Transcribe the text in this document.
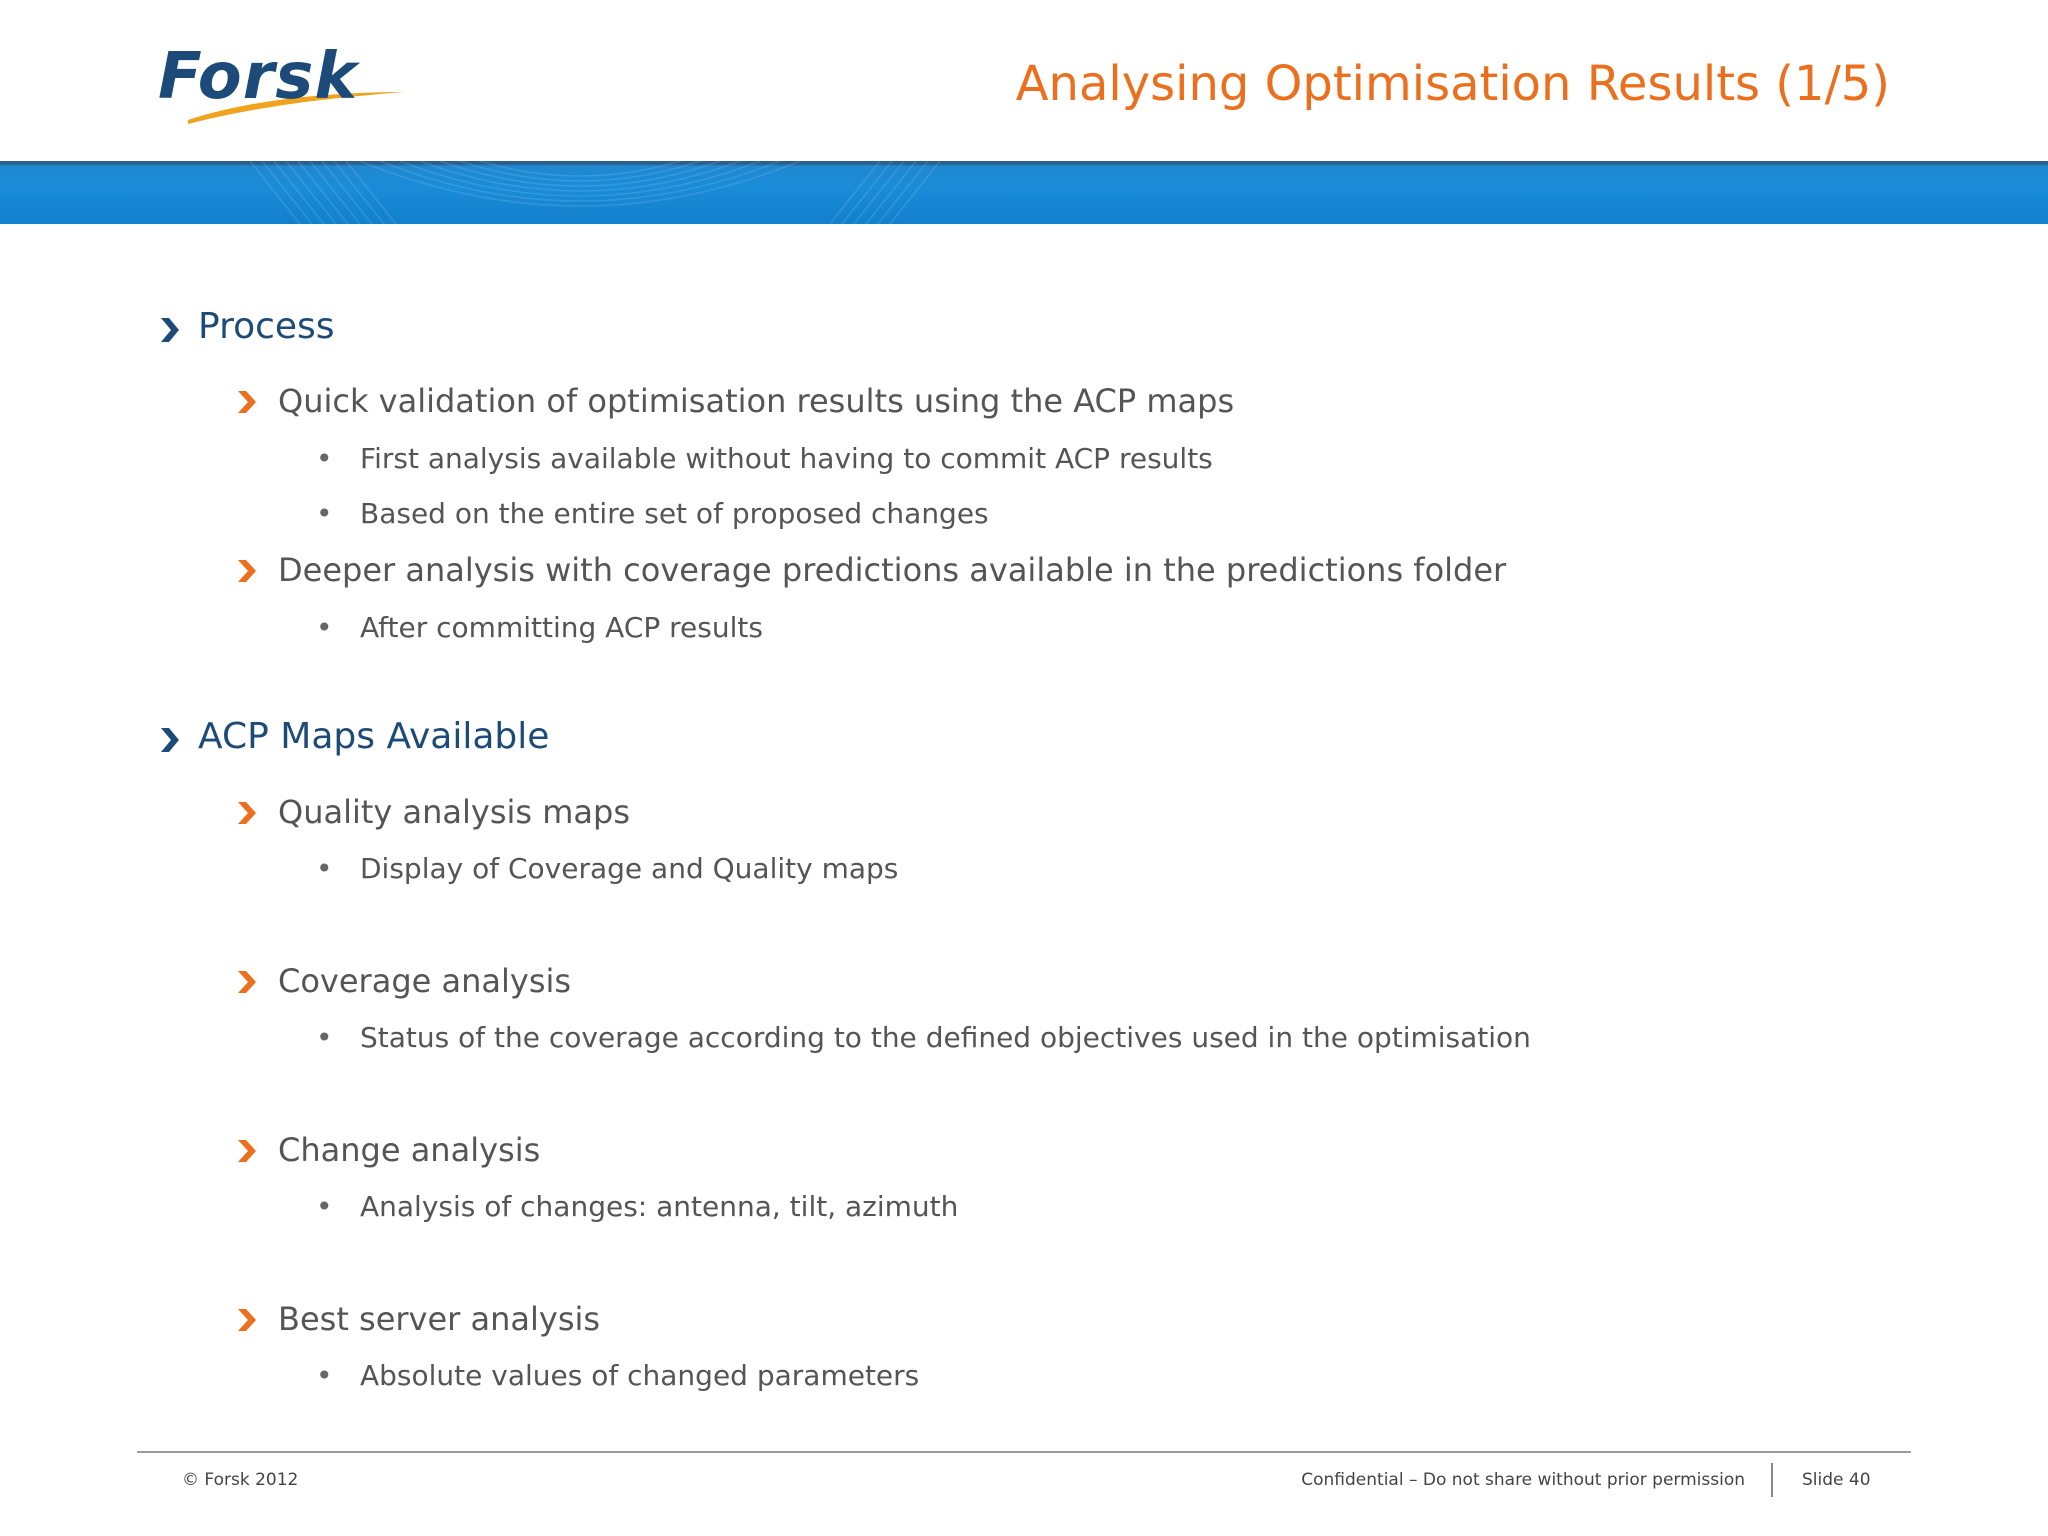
Forsk	Analysing Optimisation Results (1/5)
Process
Quick validation of optimisation results using the ACP maps
• First analysis available without having to commit ACP results
• Based on the entire set of proposed changes
Deeper analysis with coverage predictions available in the predictions folder
• After committing ACP results
ACP Maps Available
Quality analysis maps
• Display of Coverage and Quality maps
Coverage analysis
• Status of the coverage according to the defined objectives used in the optimisation
Change analysis
• Analysis of changes: antenna, tilt, azimuth
Best server analysis
• Absolute values of changed parameters
© Forsk 2012	Confidential – Do not share without prior permission	Slide 40
